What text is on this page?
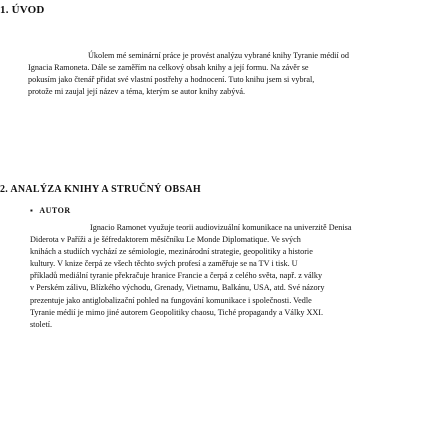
1. ÚVOD
Úkolem mé seminární práce je provést analýzu vybrané knihy Tyranie médií od
Ignacia Ramoneta. Dále se zaměřím na celkový obsah knihy a její formu. Na závěr se
pokusím jako čtenář přidat své vlastní postřehy a hodnocení. Tuto knihu jsem si vybral,
protože mi zaujal její název a téma, kterým se autor knihy zabývá.
2. ANALÝZA KNIHY A STRUČNÝ OBSAH
▪ AUTOR
Ignacio Ramonet využuje teorii audiovizuální komunikace na univerzitě Denisa
Diderota v Paříži a je šéfredaktorem měsíčníku Le Monde Diplomatique. Ve svých
knihách a studiích vychází ze sémiologie, mezinárodní strategie, geopolitiky a historie
kultury. V knize čerpá ze všech těchto svých profesí a zaměřuje se na TV i tisk. U
příkladů mediální tyranie překračuje hranice Francie a čerpá z celého světa, např. z války
v Perském zálivu, Blízkého východu, Grenady, Vietnamu, Balkánu, USA, atd. Své názory
prezentuje jako antiglobalizační pohled na fungování komunikace i společnosti. Vedle
Tyranie médií je mimo jiné autorem Geopolitiky chaosu, Tiché propagandy a Války XXI.
století.
